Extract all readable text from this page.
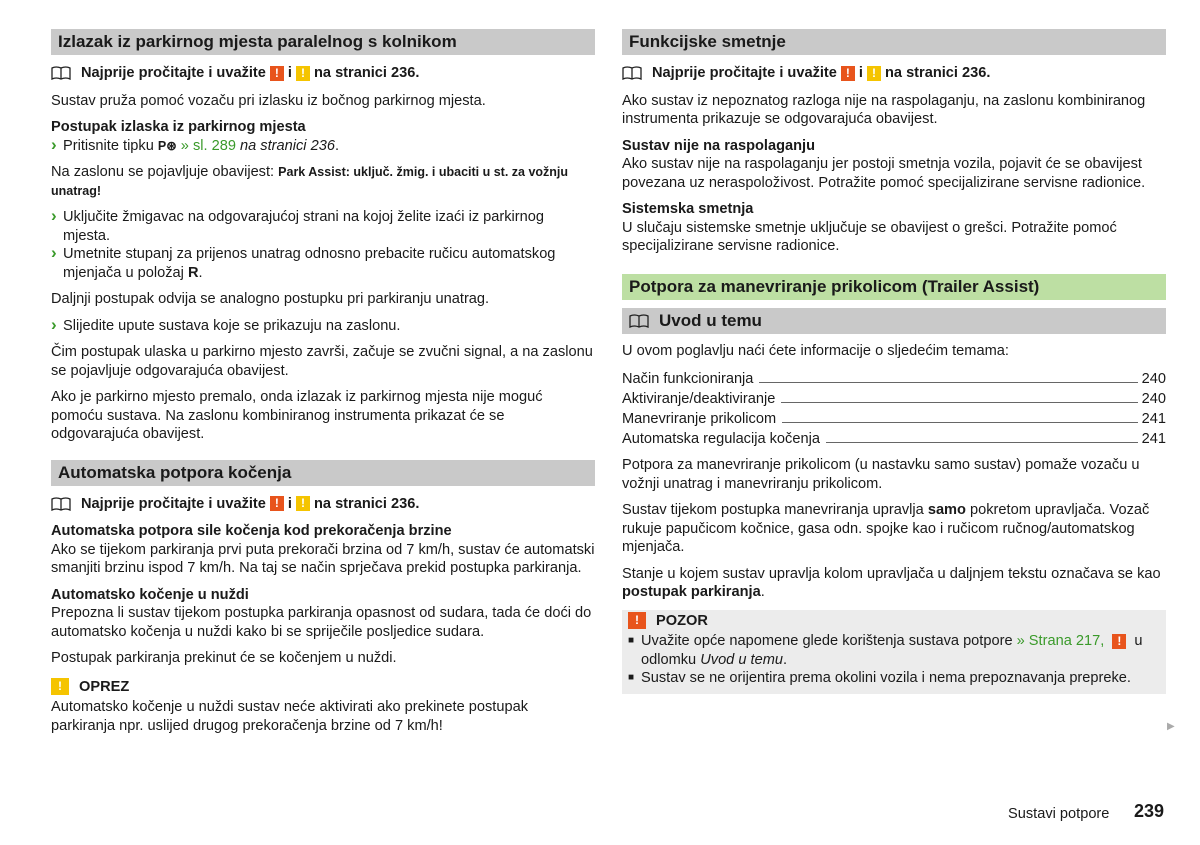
Izlazak iz parkirnog mjesta paralelnog s kolnikom
Najprije pročitajte i uvažite ! i ! na stranici 236.

Sustav pruža pomoć vozaču pri izlasku iz bočnog parkirnog mjesta.

Postupak izlaska iz parkirnog mjesta

› Pritisnite tipku P⊛ » sl. 289 na stranici 236.

Na zaslonu se pojavljuje obavijest: Park Assist: uključ. žmig. i ubaciti u st. za vožnju unatrag!

› Uključite žmigavac na odgovarajućoj strani na kojoj želite izaći iz parkirnog mjesta.

› Umetnite stupanj za prijenos unatrag odnosno prebacite ručicu automatskog mjenjača u položaj R.

Daljnji postupak odvija se analogno postupku pri parkiranju unatrag.

› Slijedite upute sustava koje se prikazuju na zaslonu.

Čim postupak ulaska u parkirno mjesto završi, začuje se zvučni signal, a na zaslonu se pojavljuje odgovarajuća obavijest.

Ako je parkirno mjesto premalo, onda izlazak iz parkirnog mjesta nije moguć pomoću sustava. Na zaslonu kombiniranog instrumenta prikazat će se odgovarajuća obavijest.

Automatska potpora kočenja
Najprije pročitajte i uvažite ! i ! na stranici 236.
Automatska potpora sile kočenja kod prekoračenja brzine

Ako se tijekom parkiranja prvi puta prekorači brzina od 7 km/h, sustav će automatski smanjiti brzinu ispod 7 km/h. Na taj se način sprječava prekid postupka parkiranja.

Automatsko kočenje u nuždi

Prepozna li sustav tijekom postupka parkiranja opasnost od sudara, tada će doći do automatsko kočenja u nuždi kako bi se spriječile posljedice sudara.

Postupak parkiranja prekinut će se kočenjem u nuždi.

!	OPREZ

Automatsko kočenje u nuždi sustav neće aktivirati ako prekinete postupak parkiranja npr. uslijed drugog prekoračenja brzine od 7 km/h!

Funkcijske smetnje
Najprije pročitajte i uvažite ! i ! na stranici 236.

Ako sustav iz nepoznatog razloga nije na raspolaganju, na zaslonu kombiniranog instrumenta prikazuje se odgovarajuća obavijest.

Sustav nije na raspolaganju

Ako sustav nije na raspolaganju jer postoji smetnja vozila, pojavit će se obavijest povezana uz neraspoloživost. Potražite pomoć specijalizirane servisne radionice.

Sistemska smetnja

U slučaju sistemske smetnje uključuje se obavijest o grešci. Potražite pomoć specijalizirane servisne radionice.

Potpora za manevriranje prikolicom (Trailer Assist)
Uvod u temu

U ovom poglavlju naći ćete informacije o sljedećim temama:

Način funkcioniranja	240
Aktiviranje/deaktiviranje	240
Manevriranje prikolicom	241
Automatska regulacija kočenja	241

Potpora za manevriranje prikolicom (u nastavku samo sustav) pomaže vozaču u vožnji unatrag i manevriranju prikolicom.

Sustav tijekom postupka manevriranja upravlja samo pokretom upravljača. Vozač rukuje papučicom kočnice, gasa odn. spojke kao i ručicom ručnog/automatskog mjenjača.

Stanje u kojem sustav upravlja kolom upravljača u daljnjem tekstu označava se kao postupak parkiranja.

!	POZOR
■ Uvažite opće napomene glede korištenja sustava potpore » Strana 217, ! u odlomku Uvod u temu.
■ Sustav se ne orijentira prema okolini vozila i nema prepoznavanja prepreke.
▶
Sustavi potpore 239
